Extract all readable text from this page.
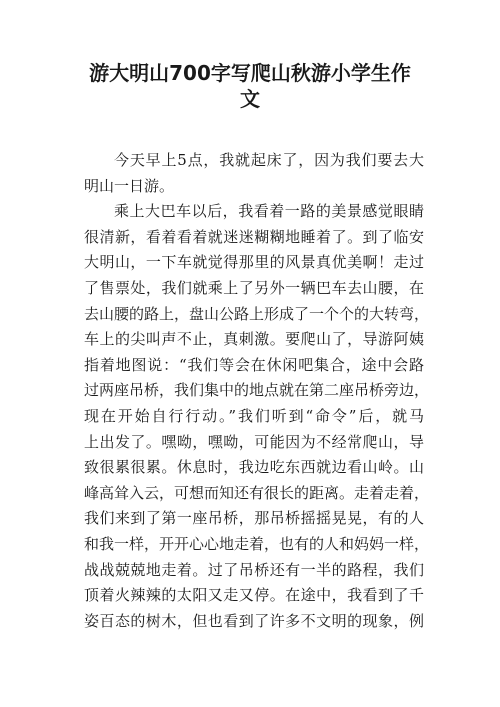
游大明山700字写爬山秋游小学生作
文
今天早上5点，我就起床了，因为我们要去大
明山一日游。
乘上大巴车以后，我看着一路的美景感觉眼睛
很清新，看着看着就迷迷糊糊地睡着了。到了临安
大明山，一下车就觉得那里的风景真优美啊！走过
了售票处，我们就乘上了另外一辆巴车去山腰，在
去山腰的路上，盘山公路上形成了一个个的大转弯，
车上的尖叫声不止，真刺激。要爬山了，导游阿姨
指着地图说：“我们等会在休闲吧集合，途中会路
过两座吊桥，我们集中的地点就在第二座吊桥旁边，
现在开始自行行动。”我们听到“命令”后，就马
上出发了。嘿呦，嘿呦，可能因为不经常爬山，导
致很累很累。休息时，我边吃东西就边看山岭。山
峰高耸入云，可想而知还有很长的距离。走着走着，
我们来到了第一座吊桥，那吊桥摇摇晃晃，有的人
和我一样，开开心心地走着，也有的人和妈妈一样，
战战兢兢地走着。过了吊桥还有一半的路程，我们
顶着火辣辣的太阳又走又停。在途中，我看到了千
姿百态的树木，但也看到了许多不文明的现象，例
